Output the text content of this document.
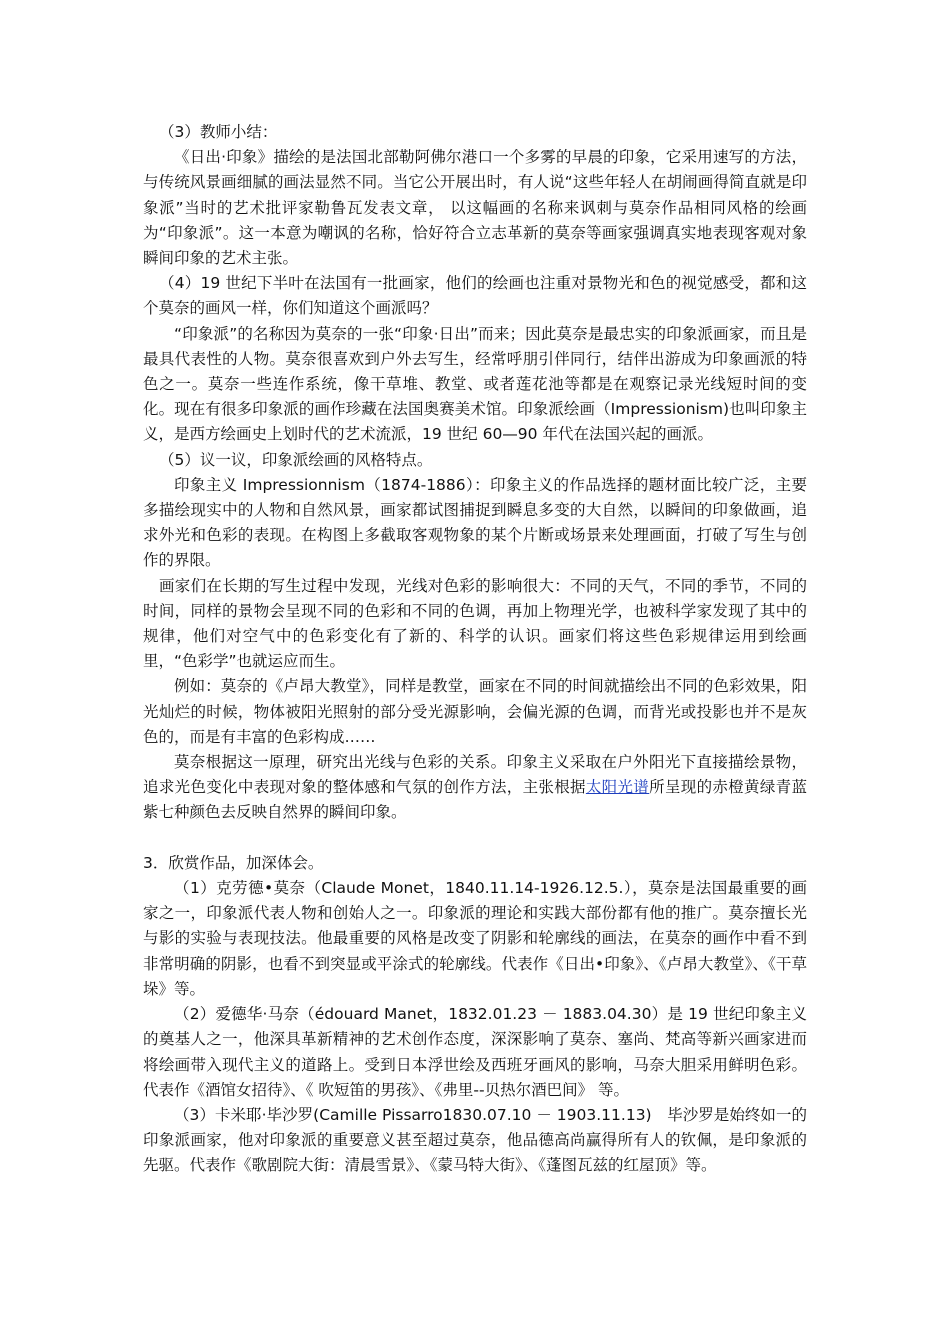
（3）教师小结：

《日出·印象》描绘的是法国北部勒阿佛尔港口一个多雾的早晨的印象，它采用速写的方法，与传统风景画细腻的画法显然不同。当它公开展出时，有人说“这些年轻人在胡闹画得简直就是印象派”当时的艺术批评家勒鲁瓦发表文章， 以这幅画的名称来讽刺与莫奈作品相同风格的绘画为“印象派”。这一本意为嘲讽的名称，恰好符合立志革新的莫奈等画家强调真实地表现客观对象瞬间印象的艺术主张。

（4）19 世纪下半叶在法国有一批画家，他们的绘画也注重对景物光和色的视觉感受，都和这个莫奈的画风一样，你们知道这个画派吗？

“印象派”的名称因为莫奈的一张“印象·日出”而来；因此莫奈是最忠实的印象派画家，而且是最具代表性的人物。莫奈很喜欢到户外去写生，经常呼朋引伴同行，结伴出游成为印象画派的特色之一。莫奈一些连作系统，像干草堆、教堂、或者莲花池等都是在观察记录光线短时间的变化。现在有很多印象派的画作珍藏在法国奥赛美术馆。印象派绘画（Impressionism)也叫印象主义，是西方绘画史上划时代的艺术流派，19 世纪 60—90 年代在法国兴起的画派。

（5）议一议，印象派绘画的风格特点。

印象主义 Impressionnism（1874-1886）：印象主义的作品选择的题材面比较广泛，主要多描绘现实中的人物和自然风景，画家都试图捕捉到瞬息多变的大自然，以瞬间的印象做画，追求外光和色彩的表现。在构图上多截取客观物象的某个片断或场景来处理画面，打破了写生与创作的界限。

画家们在长期的写生过程中发现，光线对色彩的影响很大：不同的天气，不同的季节，不同的时间，同样的景物会呈现不同的色彩和不同的色调，再加上物理光学，也被科学家发现了其中的规律，他们对空气中的色彩变化有了新的、科学的认识。画家们将这些色彩规律运用到绘画里，“色彩学”也就运应而生。

例如：莫奈的《卢昂大教堂》，同样是教堂，画家在不同的时间就描绘出不同的色彩效果，阳光灿烂的时候，物体被阳光照射的部分受光源影响，会偏光源的色调，而背光或投影也并不是灰色的，而是有丰富的色彩构成……

莫奈根据这一原理，研究出光线与色彩的关系。印象主义采取在户外阳光下直接描绘景物，追求光色变化中表现对象的整体感和气氛的创作方法，主张根据太阳光谱所呈现的赤橙黄绿青蓝紫七种颜色去反映自然界的瞬间印象。

3．欣赏作品，加深体会。

（1）克劳德•莫奈（Claude Monet，1840.11.14-1926.12.5.），莫奈是法国最重要的画家之一，印象派代表人物和创始人之一。印象派的理论和实践大部份都有他的推广。莫奈擅长光与影的实验与表现技法。他最重要的风格是改变了阴影和轮廓线的画法，在莫奈的画作中看不到非常明确的阴影，也看不到突显或平涂式的轮廓线。代表作《日出•印象》、《卢昂大教堂》、《干草垛》等。

（2）爱德华·马奈（édouard Manet，1832.01.23 － 1883.04.30）是 19 世纪印象主义的奠基人之一，他深具革新精神的艺术创作态度，深深影响了莫奈、塞尚、梵高等新兴画家进而将绘画带入现代主义的道路上。受到日本浮世绘及西班牙画风的影响，马奈大胆采用鲜明色彩。代表作《酒馆女招待》、《 吹短笛的男孩》、《弗里--贝热尔酒巴间》 等。

（3）卡米耶·毕沙罗(Camille Pissarro1830.07.10 － 1903.11.13)　毕沙罗是始终如一的印象派画家，他对印象派的重要意义甚至超过莫奈，他品德高尚赢得所有人的钦佩，是印象派的先驱。代表作《歌剧院大街：清晨雪景》、《蒙马特大街》、《蓬图瓦兹的红屋顶》等。
